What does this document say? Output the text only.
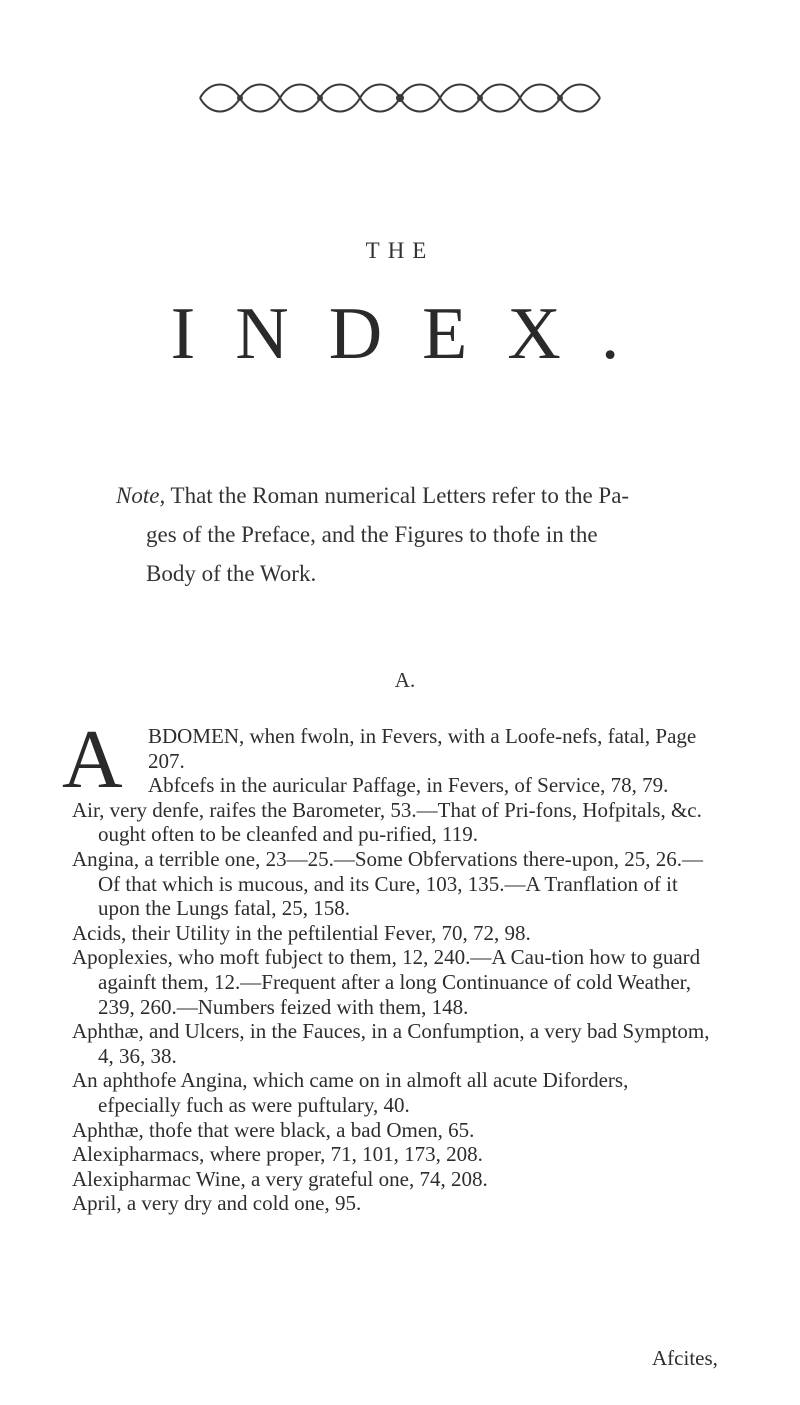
THE
INDEX.
Note, That the Roman numerical Letters refer to the Pa-
ges of the Preface, and the Figures to thofe in the
Body of the Work.
A.

A BDOMEN, when fwoln, in Fevers, with a Loofe-nefs, fatal, Page 207.

Abfcefs in the auricular Paffage, in Fevers, of Service, 78, 79.

Air, very denfe, raifes the Barometer, 53.—That of Pri-fons, Hofpitals, &c. ought often to be cleanfed and pu-rified, 119.

Angina, a terrible one, 23—25.—Some Obfervations there-upon, 25, 26.—Of that which is mucous, and its Cure, 103, 135.—A Tranflation of it upon the Lungs fatal, 25, 158.

Acids, their Utility in the peftilential Fever, 70, 72, 98.

Apoplexies, who moft fubject to them, 12, 240.—A Cau-tion how to guard againft them, 12.—Frequent after a long Continuance of cold Weather, 239, 260.—Numbers feized with them, 148.

Aphthæ, and Ulcers, in the Fauces, in a Confumption, a very bad Symptom, 4, 36, 38.

An aphthofe Angina, which came on in almoft all acute Diforders, efpecially fuch as were puftulary, 40.

Aphthæ, thofe that were black, a bad Omen, 65.

Alexipharmacs, where proper, 71, 101, 173, 208.

Alexipharmac Wine, a very grateful one, 74, 208.

April, a very dry and cold one, 95.

Afcites,
